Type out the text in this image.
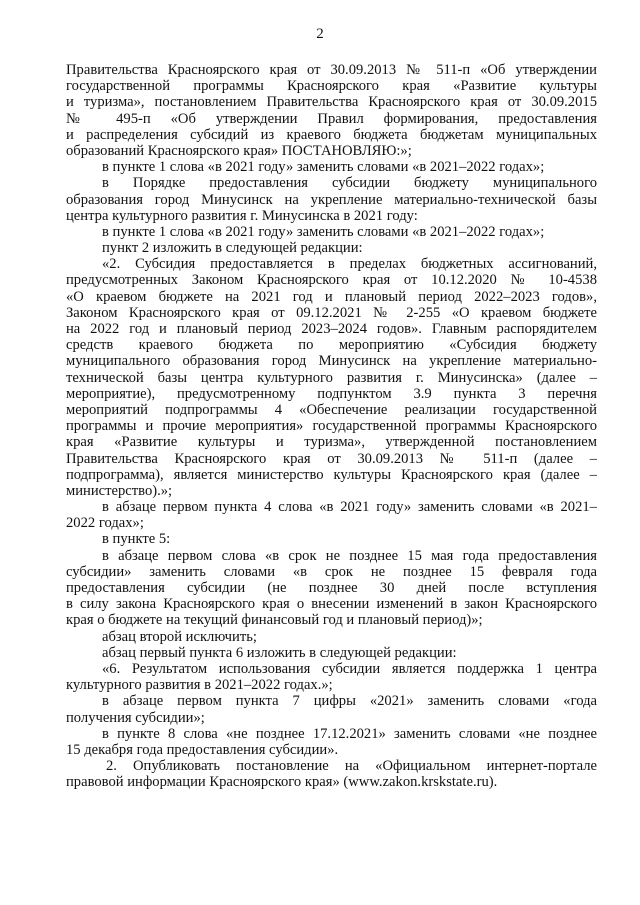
2
Правительства Красноярского края от 30.09.2013 № 511-п «Об утверждении
государственной программы Красноярского края «Развитие культуры
и туризма», постановлением Правительства Красноярского края от 30.09.2015
№ 495-п «Об утверждении Правил формирования, предоставления
и распределения субсидий из краевого бюджета бюджетам муниципальных
образований Красноярского края» ПОСТАНОВЛЯЮ:»;
в пункте 1 слова «в 2021 году» заменить словами «в 2021–2022 годах»;
в Порядке предоставления субсидии бюджету муниципального
образования город Минусинск на укрепление материально-технической базы
центра культурного развития г. Минусинска в 2021 году:
в пункте 1 слова «в 2021 году» заменить словами «в 2021–2022 годах»;
пункт 2 изложить в следующей редакции:
«2. Субсидия предоставляется в пределах бюджетных ассигнований,
предусмотренных Законом Красноярского края от 10.12.2020 № 10-4538
«О краевом бюджете на 2021 год и плановый период 2022–2023 годов»,
Законом Красноярского края от 09.12.2021 № 2-255 «О краевом бюджете
на 2022 год и плановый период 2023–2024 годов». Главным распорядителем
средств краевого бюджета по мероприятию «Субсидия бюджету
муниципального образования город Минусинск на укрепление материально-
технической базы центра культурного развития г. Минусинска» (далее –
мероприятие), предусмотренному подпунктом 3.9 пункта 3 перечня
мероприятий подпрограммы 4 «Обеспечение реализации государственной
программы и прочие мероприятия» государственной программы Красноярского
края «Развитие культуры и туризма», утвержденной постановлением
Правительства Красноярского края от 30.09.2013 № 511-п (далее –
подпрограмма), является министерство культуры Красноярского края (далее –
министерство).»;
в абзаце первом пункта 4 слова «в 2021 году» заменить словами «в 2021–
2022 годах»;
в пункте 5:
в абзаце первом слова «в срок не позднее 15 мая года предоставления
субсидии» заменить словами «в срок не позднее 15 февраля года
предоставления субсидии (не позднее 30 дней после вступления
в силу закона Красноярского края о внесении изменений в закон Красноярского
края о бюджете на текущий финансовый год и плановый период)»;
абзац второй исключить;
абзац первый пункта 6 изложить в следующей редакции:
«6. Результатом использования субсидии является поддержка 1 центра
культурного развития в 2021–2022 годах.»;
в абзаце первом пункта 7 цифры «2021» заменить словами «года
получения субсидии»;
в пункте 8 слова «не позднее 17.12.2021» заменить словами «не позднее
15 декабря года предоставления субсидии».
2. Опубликовать постановление на «Официальном интернет-портале
правовой информации Красноярского края» (www.zakon.krskstate.ru).
